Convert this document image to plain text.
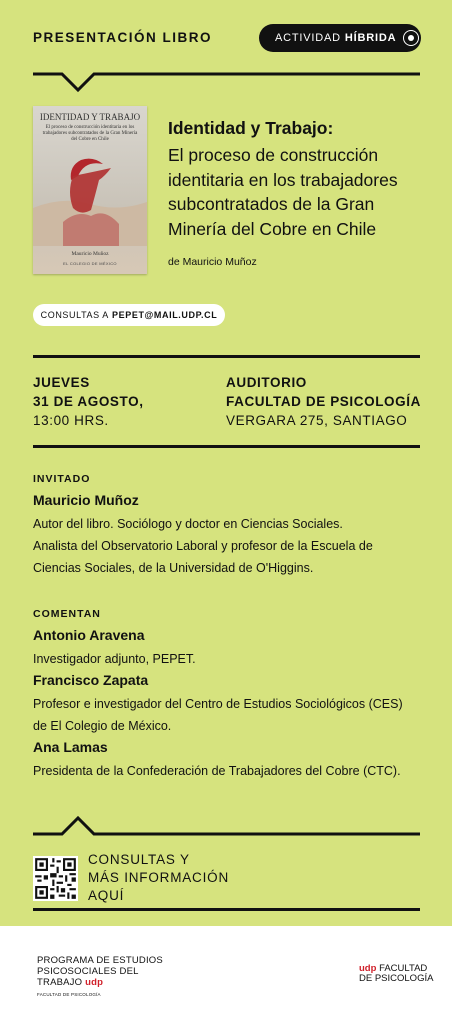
PRESENTACIÓN LIBRO	ACTIVIDAD HÍBRIDA
IDENTIDAD Y TRABAJO
El proceso de construcción identitaria en los trabajadores subcontratados de la Gran Minería del Cobre en Chile
Mauricio Muñoz
EL COLEGIO DE MÉXICO
Identidad y Trabajo:
El proceso de construcción
identitaria en los trabajadores
subcontratados de la Gran
Minería del Cobre en Chile
de Mauricio Muñoz
CONSULTAS A
PEPET@MAIL.UDP.CL
JUEVES
31 DE AGOSTO,
13:00 HRS.
AUDITORIO
FACULTAD DE PSICOLOGÍA
VERGARA 275, SANTIAGO
INVITADO
Mauricio Muñoz
Autor del libro. Sociólogo y doctor en Ciencias Sociales.
Analista del Observatorio Laboral y profesor de la Escuela de
Ciencias Sociales, de la Universidad de O'Higgins.
COMENTAN
Antonio Aravena
Investigador adjunto, PEPET.
Francisco Zapata
Profesor e investigador del Centro de Estudios Sociológicos (CES)
de El Colegio de México.
Ana Lamas
Presidenta de la Confederación de Trabajadores del Cobre (CTC).
CONSULTAS Y
MÁS INFORMACIÓN
AQUÍ
PROGRAMA DE ESTUDIOS
PSICOSOCIALES DEL
TRABAJO udp
FACULTAD DE PSICOLOGÍA
udp FACULTAD
DE PSICOLOGÍA
